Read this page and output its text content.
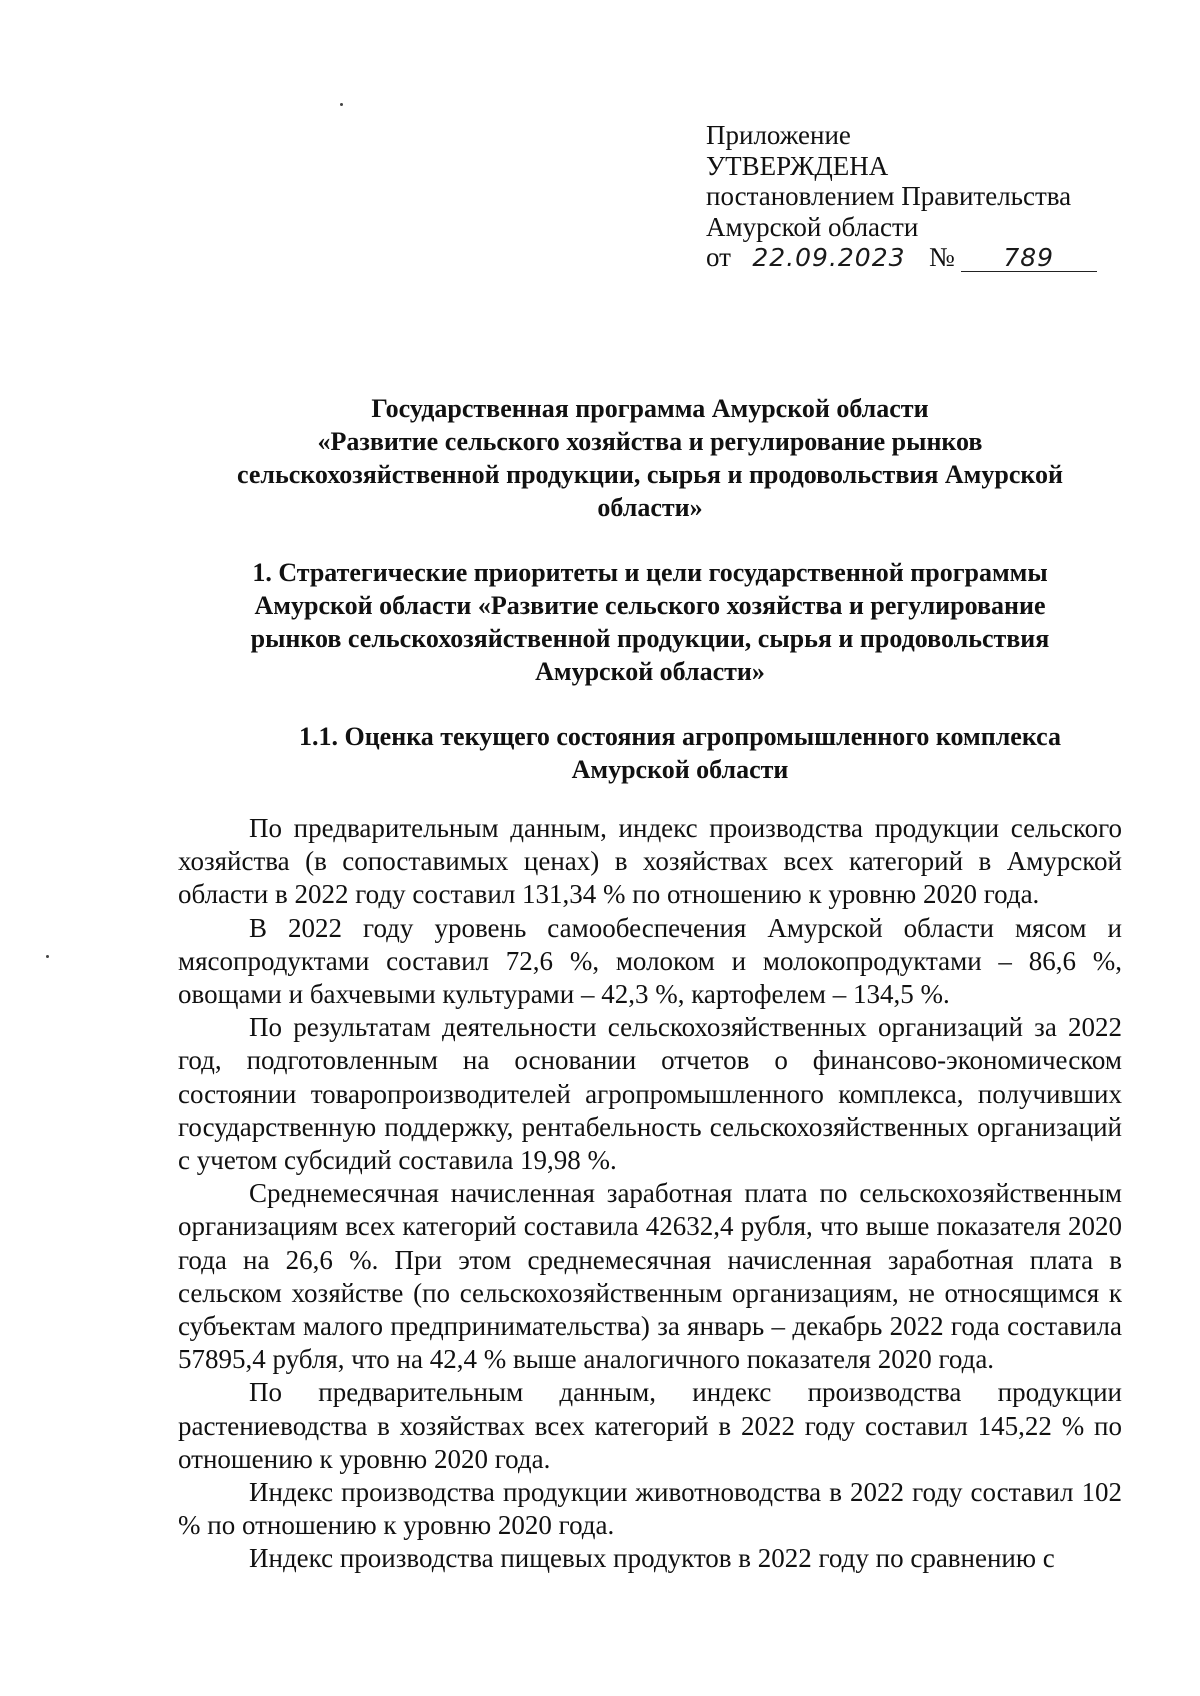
Приложение
УТВЕРЖДЕНА
постановлением Правительства
Амурской области
от 22.09.2023 №	789
Государственная программа Амурской области
«Развитие сельского хозяйства и регулирование рынков
сельскохозяйственной продукции, сырья и продовольствия Амурской
области»
1. Стратегические приоритеты и цели государственной программы
Амурской области «Развитие сельского хозяйства и регулирование
рынков сельскохозяйственной продукции, сырья и продовольствия
Амурской области»
1.1. Оценка текущего состояния агропромышленного комплекса
Амурской области

По предварительным данным, индекс производства продукции сельского хозяйства (в сопоставимых ценах) в хозяйствах всех категорий в Амурской области в 2022 году составил 131,34 % по отношению к уровню 2020 года.

В 2022 году уровень самообеспечения Амурской области мясом и мясопродуктами составил 72,6 %, молоком и молокопродуктами – 86,6 %, овощами и бахчевыми культурами – 42,3 %, картофелем – 134,5 %.

По результатам деятельности сельскохозяйственных организаций за 2022 год, подготовленным на основании отчетов о финансово-экономическом состоянии товаропроизводителей агропромышленного комплекса, получивших государственную поддержку, рентабельность сельскохозяйственных организаций с учетом субсидий составила 19,98 %.

Среднемесячная начисленная заработная плата по сельскохозяйственным организациям всех категорий составила 42632,4 рубля, что выше показателя 2020 года на 26,6 %. При этом среднемесячная начисленная заработная плата в сельском хозяйстве (по сельскохозяйственным организациям, не относящимся к субъектам малого предпринимательства) за январь – декабрь 2022 года составила 57895,4 рубля, что на 42,4 % выше аналогичного показателя 2020 года.

По предварительным данным, индекс производства продукции растениеводства в хозяйствах всех категорий в 2022 году составил 145,22 % по отношению к уровню 2020 года.

Индекс производства продукции животноводства в 2022 году составил 102 % по отношению к уровню 2020 года.

Индекс производства пищевых продуктов в 2022 году по сравнению с
